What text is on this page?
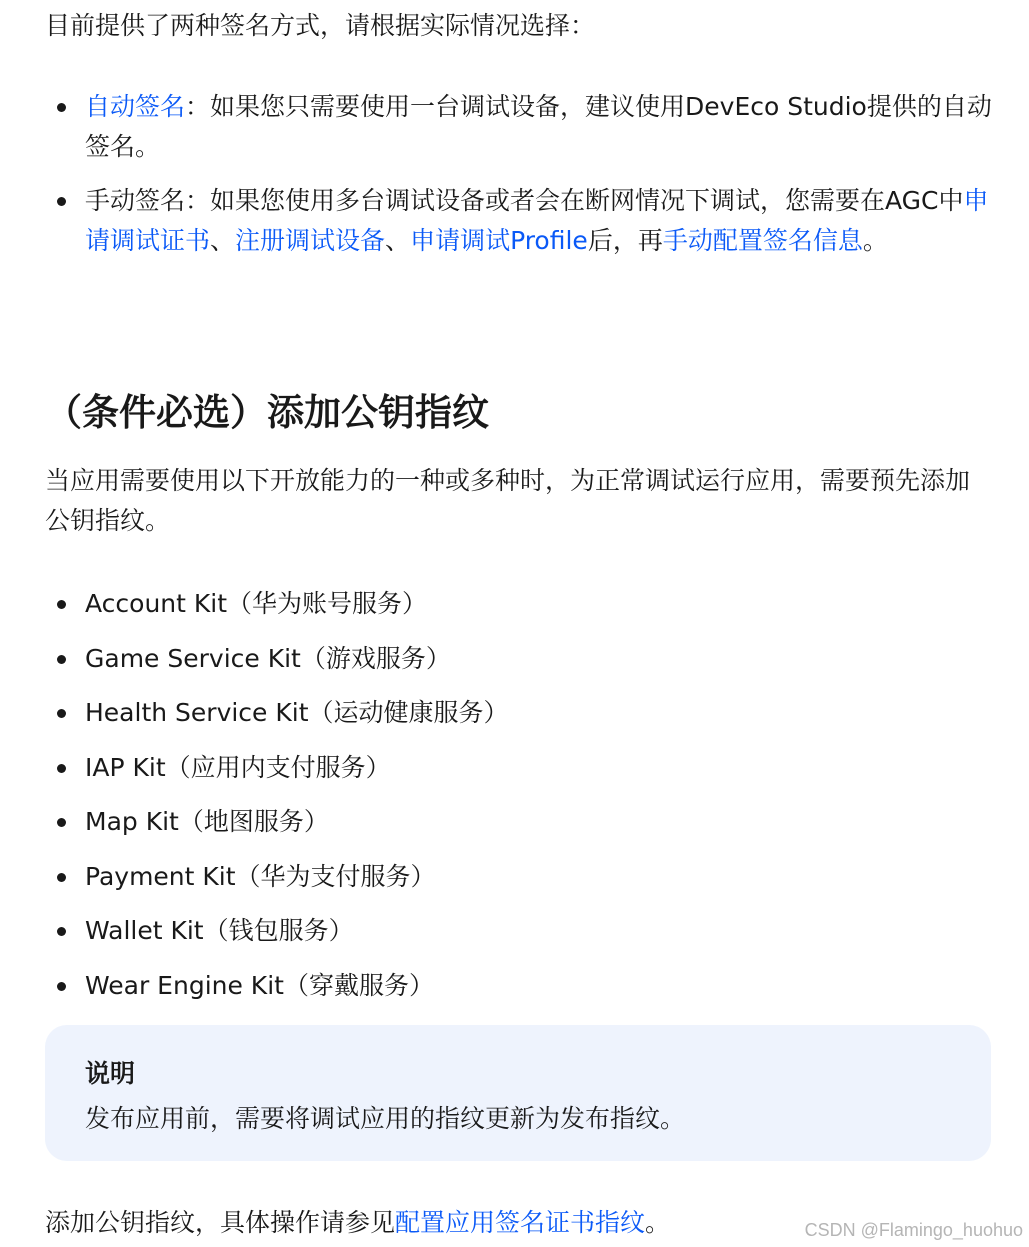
目前提供了两种签名方式，请根据实际情况选择：

自动签名：如果您只需要使用一台调试设备，建议使用DevEco Studio提供的自动签名。
手动签名：如果您使用多台调试设备或者会在断网情况下调试，您需要在AGC中申请调试证书、注册调试设备、申请调试Profile后，再手动配置签名信息。
（条件必选）添加公钥指纹

当应用需要使用以下开放能力的一种或多种时，为正常调试运行应用，需要预先添加公钥指纹。

Account Kit（华为账号服务）
Game Service Kit（游戏服务）
Health Service Kit（运动健康服务）
IAP Kit（应用内支付服务）
Map Kit（地图服务）
Payment Kit（华为支付服务）
Wallet Kit（钱包服务）
Wear Engine Kit（穿戴服务）
说明
发布应用前，需要将调试应用的指纹更新为发布指纹。

添加公钥指纹，具体操作请参见配置应用签名证书指纹。	CSDN @Flamingo_huohuo
